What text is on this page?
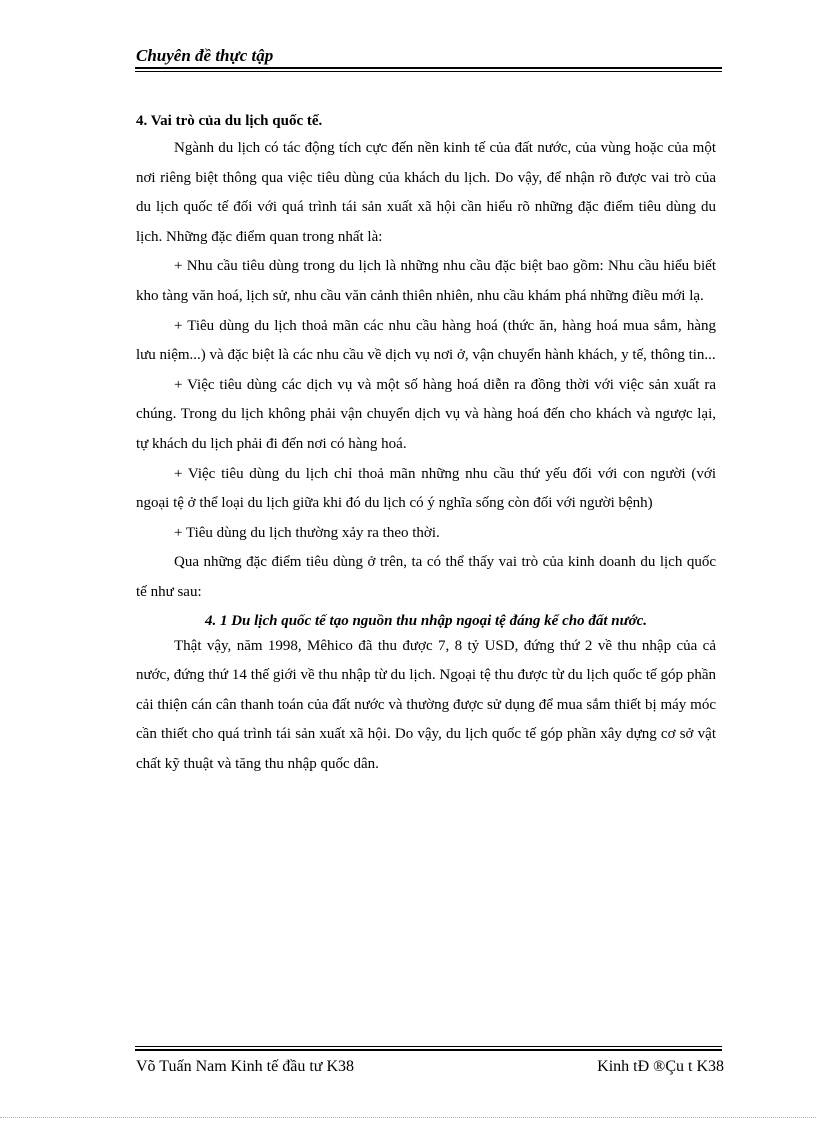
Chuyên đề thực tập

4. Vai trò của du lịch quốc tế.

Ngành du lịch có tác động tích cực đến nền kinh tế của đất nước, của vùng hoặc của một nơi riêng biệt thông qua việc tiêu dùng của khách du lịch. Do vậy, để nhận rõ được vai trò của du lịch quốc tế đối với quá trình tái sản xuất xã hội cần hiểu rõ những đặc điểm tiêu dùng du lịch. Những đặc điểm quan trong nhất là:

+ Nhu cầu tiêu dùng trong du lịch là những nhu cầu đặc biệt bao gồm: Nhu cầu hiểu biết kho tàng văn hoá, lịch sử, nhu cầu văn cảnh thiên nhiên, nhu cầu khám phá những điều mới lạ.

+ Tiêu dùng du lịch thoả mãn các nhu cầu hàng hoá (thức ăn, hàng hoá mua sắm, hàng lưu niệm...) và đặc biệt là các nhu cầu về dịch vụ nơi ở, vận chuyển hành khách, y tế, thông tin...

+ Việc tiêu dùng các dịch vụ và một số hàng hoá diễn ra đồng thời với việc sản xuất ra chúng. Trong du lịch không phải vận chuyển dịch vụ và hàng hoá đến cho khách và ngược lại, tự khách du lịch phải đi đến nơi có hàng hoá.

+ Việc tiêu dùng du lịch chỉ thoả mãn những nhu cầu thứ yếu đối với con người (với ngoại tệ ở thể loại du lịch giữa khi đó du lịch có ý nghĩa sống còn đối với người bệnh)

+ Tiêu dùng du lịch thường xảy ra theo thời.

Qua những đặc điểm tiêu dùng ở trên, ta có thể thấy vai trò của kinh doanh du lịch quốc tế như sau:

4. 1 Du lịch quốc tế tạo nguồn thu nhập ngoại tệ đáng kể cho đất nước.

Thật vậy, năm 1998, Mêhico đã thu được 7, 8 tỷ USD, đứng thứ 2 về thu nhập của cả nước, đứng thứ 14 thế giới về thu nhập từ du lịch. Ngoại tệ thu được từ du lịch quốc tế góp phần cải thiện cán cân thanh toán của đất nước và thường được sử dụng để mua sắm thiết bị máy móc cần thiết cho quá trình tái sản xuất xã hội. Do vậy, du lịch quốc tế góp phần xây dựng cơ sở vật chất kỹ thuật và tăng thu nhập quốc dân.

Võ Tuấn Nam Kinh tế đầu tư K38	Kinh tĐ ®Çu t K38
